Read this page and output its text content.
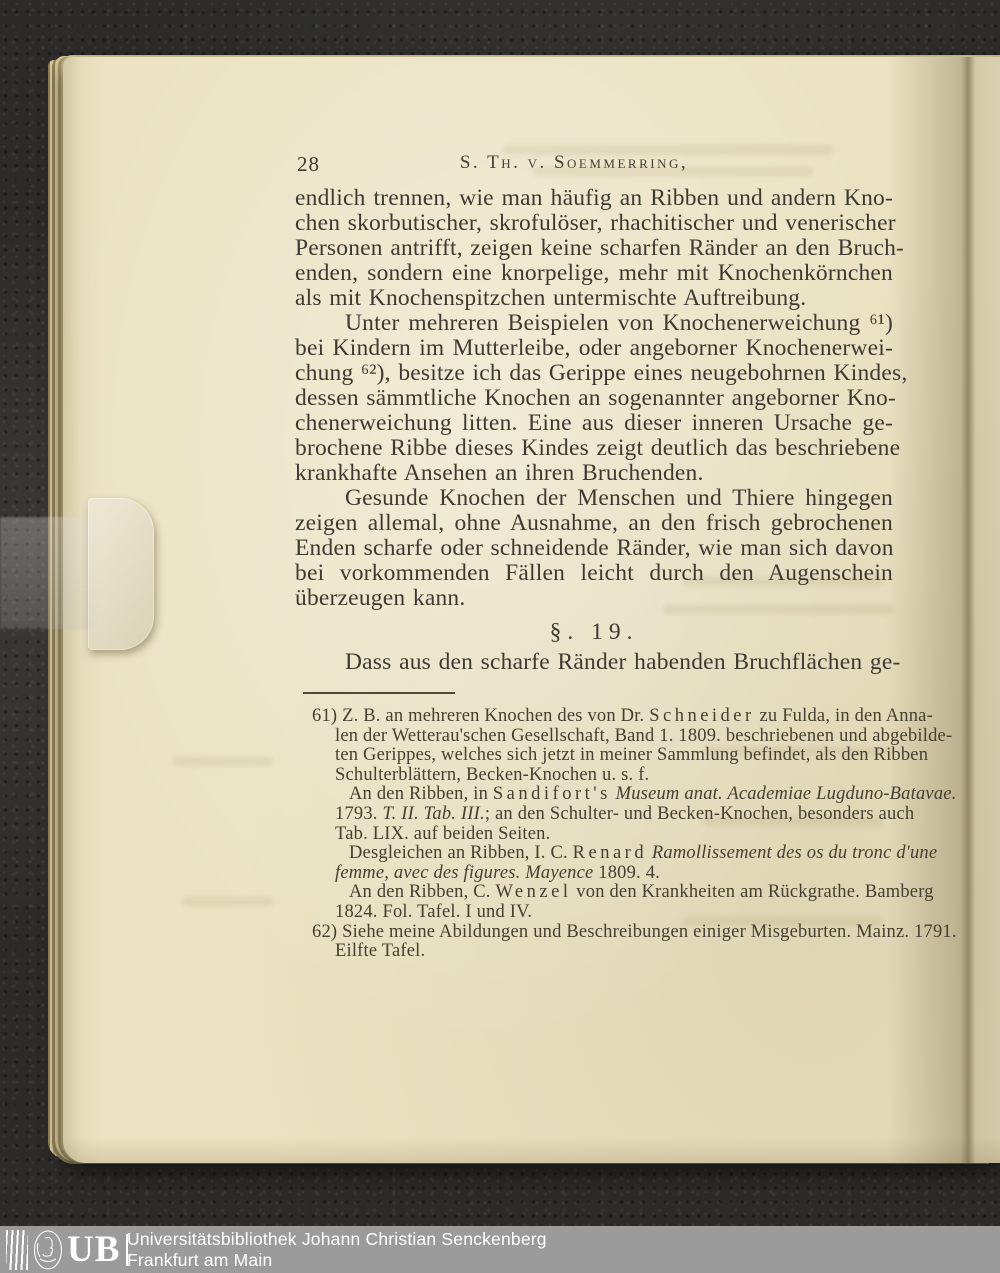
28	S. Th. v. Soemmerring,
endlich trennen, wie man häufig an Ribben und andern Kno-
chen skorbutischer, skrofulöser, rhachitischer und venerischer
Personen antrifft, zeigen keine scharfen Ränder an den Bruch-
enden, sondern eine knorpelige, mehr mit Knochenkörnchen
als mit Knochenspitzchen untermischte Auftreibung.
Unter mehreren Beispielen von Knochenerweichung ⁶¹)
bei Kindern im Mutterleibe, oder angeborner Knochenerwei-
chung ⁶²), besitze ich das Gerippe eines neugebohrnen Kindes,
dessen sämmtliche Knochen an sogenannter angeborner Kno-
chenerweichung litten. Eine aus dieser inneren Ursache ge-
brochene Ribbe dieses Kindes zeigt deutlich das beschriebene
krankhafte Ansehen an ihren Bruchenden.
Gesunde Knochen der Menschen und Thiere hingegen
zeigen allemal, ohne Ausnahme, an den frisch gebrochenen
Enden scharfe oder schneidende Ränder, wie man sich davon
bei vorkommenden Fällen leicht durch den Augenschein
überzeugen kann.
§. 19.
Dass aus den scharfe Ränder habenden Bruchflächen ge-
61) Z. B. an mehreren Knochen des von Dr. Schneider zu Fulda, in den Anna-
len der Wetterau'schen Gesellschaft, Band 1. 1809. beschriebenen und abgebilde-
ten Gerippes, welches sich jetzt in meiner Sammlung befindet, als den Ribben
Schulterblättern, Becken-Knochen u. s. f.
An den Ribben, in Sandifort's Museum anat. Academiae Lugduno-Batavae.
1793. T. II. Tab. III.; an den Schulter- und Becken-Knochen, besonders auch
Tab. LIX. auf beiden Seiten.
Desgleichen an Ribben, I. C. Renard Ramollissement des os du tronc d'une
femme, avec des figures. Mayence 1809. 4.
An den Ribben, C. Wenzel von den Krankheiten am Rückgrathe. Bamberg
1824. Fol. Tafel. I und IV.
62) Siehe meine Abildungen und Beschreibungen einiger Misgeburten. Mainz. 1791.
Eilfte Tafel.
UB Universitätsbibliothek Johann Christian Senckenberg
Frankfurt am Main
